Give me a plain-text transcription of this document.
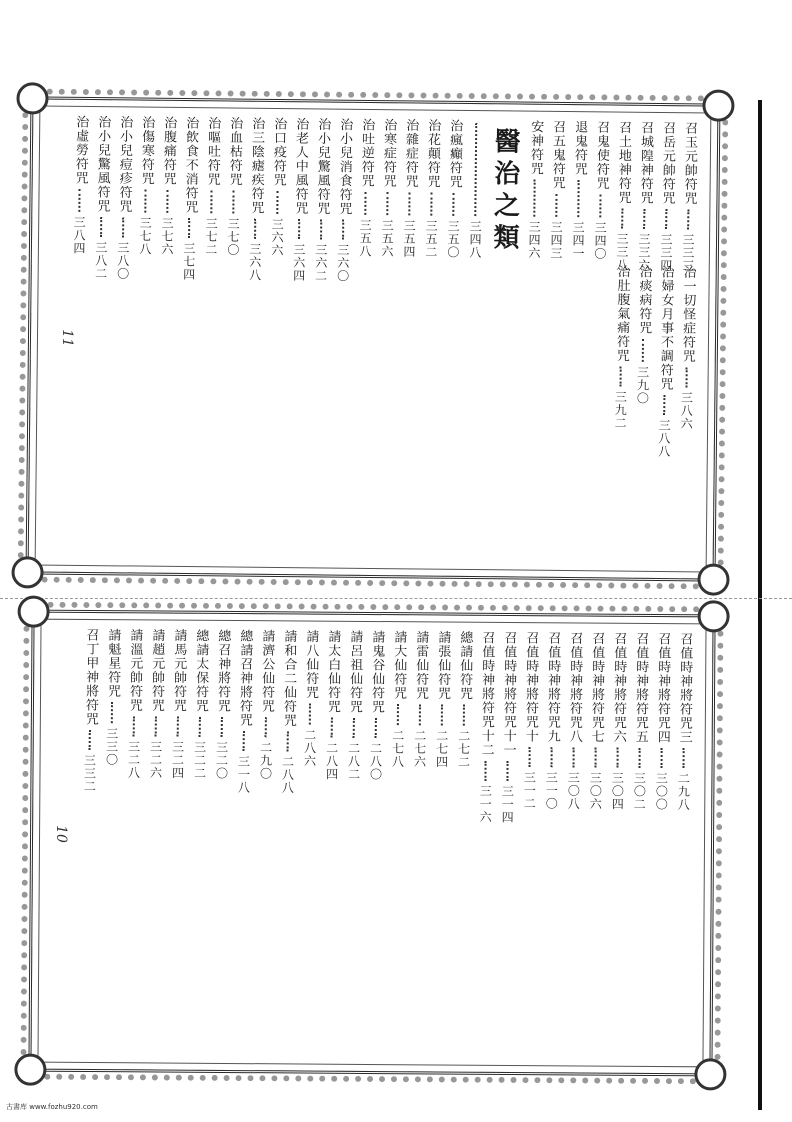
召玉元帥符咒
三三三
召岳元帥符咒
三三四
召城隍神符咒
三三六
召土地神符咒
三三八
召鬼使符咒
三四〇
退鬼符咒
三四一
召五鬼符咒
三四三
安神符咒
三四六
醫治之類
三四八
治瘋癲符咒
三五〇
治花顛符咒
三五二
治雜症符咒
三五四
治寒症符咒
三五六
治吐逆符咒
三五八
治小兒消食符咒
三六〇
治小兒驚風符咒
三六二
治老人中風符咒
三六四
治口疫符咒
三六六
治三陰瘧疾符咒
三六八
治血枯符咒
三七〇
治嘔吐符咒
三七二
治飲食不消符咒
三七四
治腹痛符咒
三七六
治傷寒符咒
三七八
治小兒痘疹符咒
三八〇
治小兒驚風符咒
三八二
治虛勞符咒
三八四
治一切怪症符咒
三八六
治婦女月事不調符咒
三八八
治痰病符咒
三九〇
治肚腹氣痛符咒
三九二
11
召值時神將符咒三
二九八
召值時神將符咒四
三〇〇
召值時神將符咒五
三〇二
召值時神將符咒六
三〇四
召值時神將符咒七
三〇六
召值時神將符咒八
三〇八
召值時神將符咒九
三一〇
召值時神將符咒十
三一二
召值時神將符咒十一
三一四
召值時神將符咒十二
三一六
總請仙符咒
二七二
請張仙符咒
二七四
請雷仙符咒
二七六
請大仙符咒
二七八
請鬼谷仙符咒
二八〇
請呂祖仙符咒
二八二
請太白仙符咒
二八四
請八仙符咒
二八六
請和合二仙符咒
二八八
請濟公仙符咒
二九〇
總請召神將符咒
三一八
總召神將符咒
三二〇
總請太保符咒
三二二
請馬元帥符咒
三二四
請趙元帥符咒
三二六
請溫元帥符咒
三二八
請魁星符咒
三三〇
召丁甲神將符咒
三三二
10
古書库 www.fozhu920.com
